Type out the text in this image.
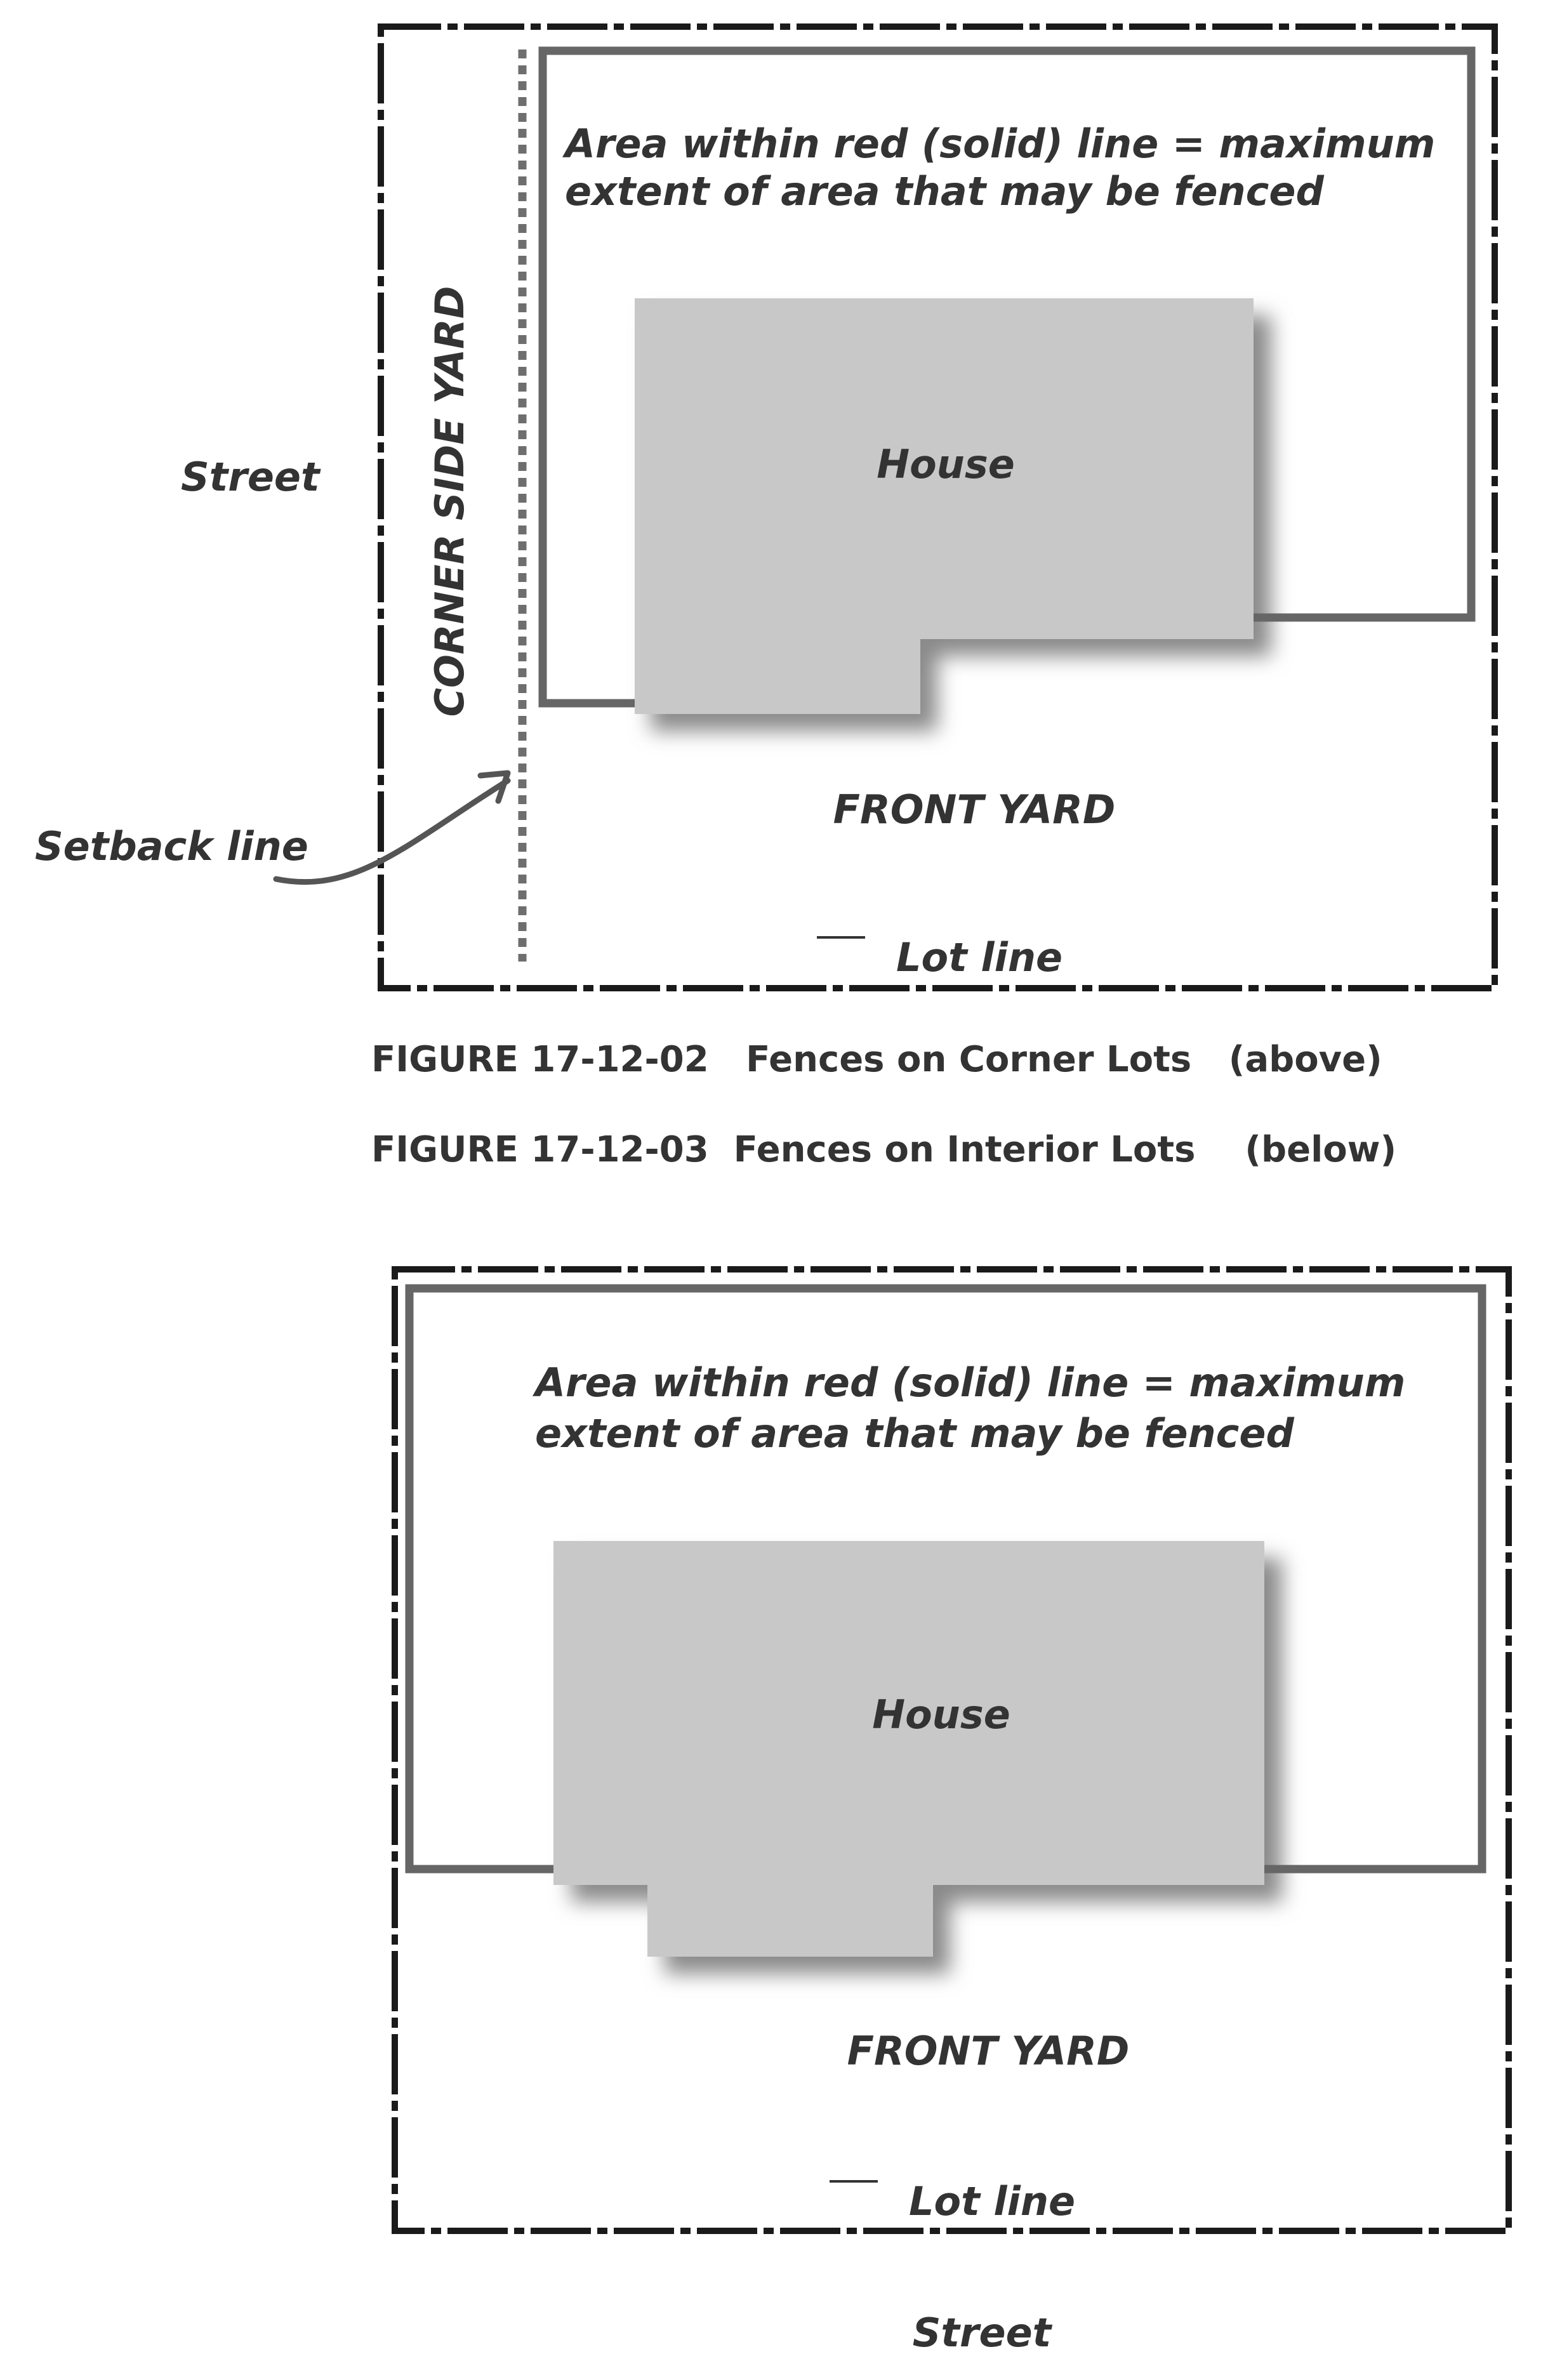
Street	CORNER SIDE YARD
Setback line
Area within red (solid) line = maximum
extent of area that may be fenced
House
FRONT YARD
Lot line
FIGURE 17-12-02   Fences on Corner Lots   (above)
FIGURE 17-12-03  Fences on Interior Lots    (below)
Area within red (solid) line = maximum
extent of area that may be fenced
House
FRONT YARD
Lot line
Street
